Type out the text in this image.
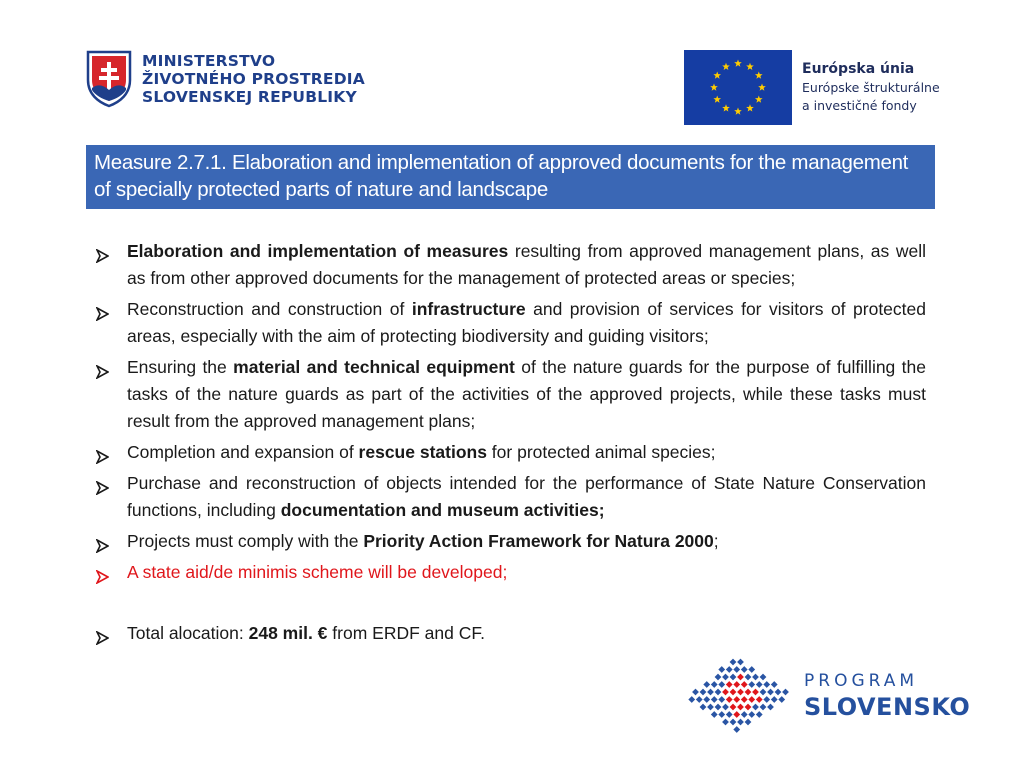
MINISTERSTVO
ŽIVOTNÉHO PROSTREDIA
SLOVENSKEJ REPUBLIKY
Európska únia
Európske štrukturálne
a investičné fondy
Measure 2.7.1. Elaboration and implementation of approved documents for the management of specially protected parts of nature and landscape
Elaboration and implementation of measures resulting from approved management plans, as well as from other approved documents for the management of protected areas or species;
Reconstruction and construction of infrastructure and provision of services for visitors of protected areas, especially with the aim of protecting biodiversity and guiding visitors;
Ensuring the material and technical equipment of the nature guards for the purpose of fulfilling the tasks of the nature guards as part of the activities of the approved projects, while these tasks must result from the approved management plans;
Completion and expansion of rescue stations for protected animal species;
Purchase and reconstruction of objects intended for the performance of State Nature Conservation functions, including documentation and museum activities;
Projects must comply with the Priority Action Framework for Natura 2000;
A state aid/de minimis scheme will be developed;
Total alocation: 248 mil. € from ERDF and CF.
PROGRAM
SLOVENSKO
